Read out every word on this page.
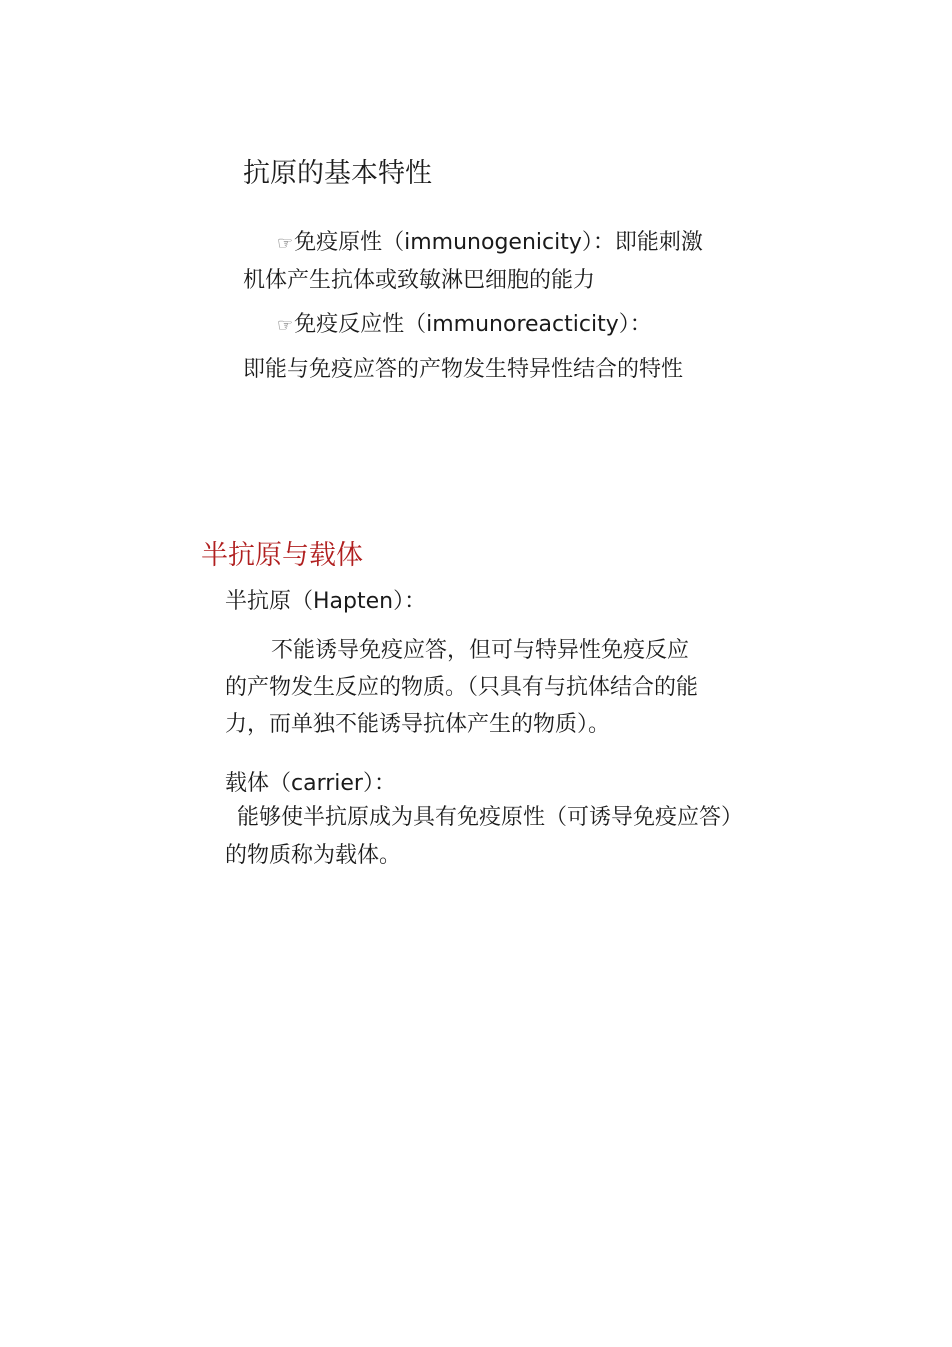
抗原的基本特性
☞免疫原性（immunogenicity）：即能刺激
机体产生抗体或致敏淋巴细胞的能力
☞免疫反应性（immunoreacticity）：
即能与免疫应答的产物发生特异性结合的特性
半抗原与载体
半抗原（Hapten）：
不能诱导免疫应答，但可与特异性免疫反应
的产物发生反应的物质。（只具有与抗体结合的能
力，而单独不能诱导抗体产生的物质）。
载体（carrier）：
能够使半抗原成为具有免疫原性（可诱导免疫应答）
的物质称为载体。
